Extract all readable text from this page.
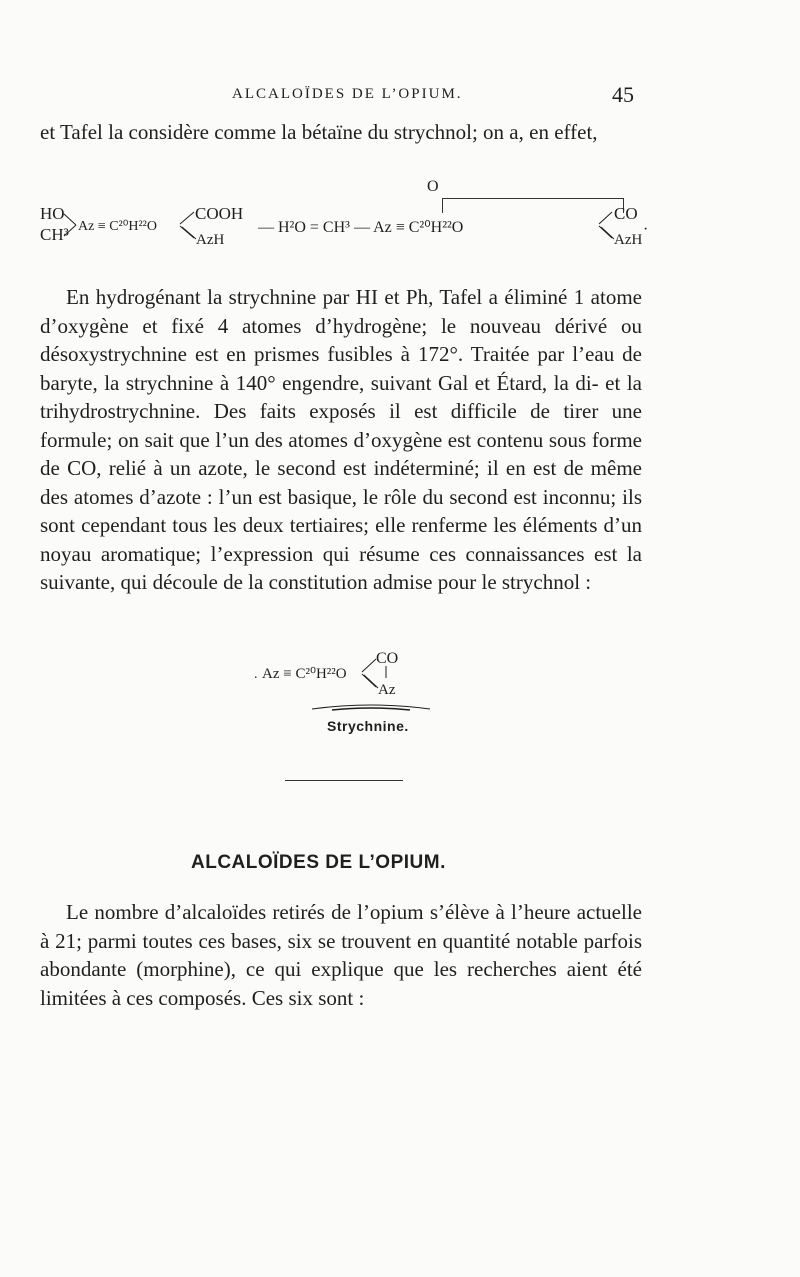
ALCALOÏDES DE L’OPIUM.	45

et Tafel la considère comme la bétaïne du strychnol; on a, en effet,

O
HO
CH³ Az ≡ C²⁰H²²O
COOH
AzH
— H²O = CH³ — Az ≡ C²⁰H²²O
CO
AzH
·

En hydrogénant la strychnine par HI et Ph, Tafel a éliminé 1 atome d’oxygène et fixé 4 atomes d’hydrogène; le nouveau dérivé ou désoxystrychnine est en prismes fusibles à 172°. Traitée par l’eau de baryte, la strychnine à 140° engendre, suivant Gal et Étard, la di- et la trihydrostrychnine. Des faits exposés il est difficile de tirer une formule; on sait que l’un des atomes d’oxygène est contenu sous forme de CO, relié à un azote, le second est indéterminé; il en est de même des atomes d’azote : l’un est basique, le rôle du second est inconnu; ils sont cependant tous les deux tertiaires; elle renferme les éléments d’un noyau aromatique; l’expression qui résume ces connaissances est la suivante, qui découle de la constitution admise pour le strychnol :

. Az ≡ C²⁰H²²O
CO
Az
Strychnine.
ALCALOÏDES DE L’OPIUM.

Le nombre d’alcaloïdes retirés de l’opium s’élève à l’heure actuelle à 21; parmi toutes ces bases, six se trouvent en quantité notable parfois abondante (morphine), ce qui explique que les recherches aient été limitées à ces composés. Ces six sont :
